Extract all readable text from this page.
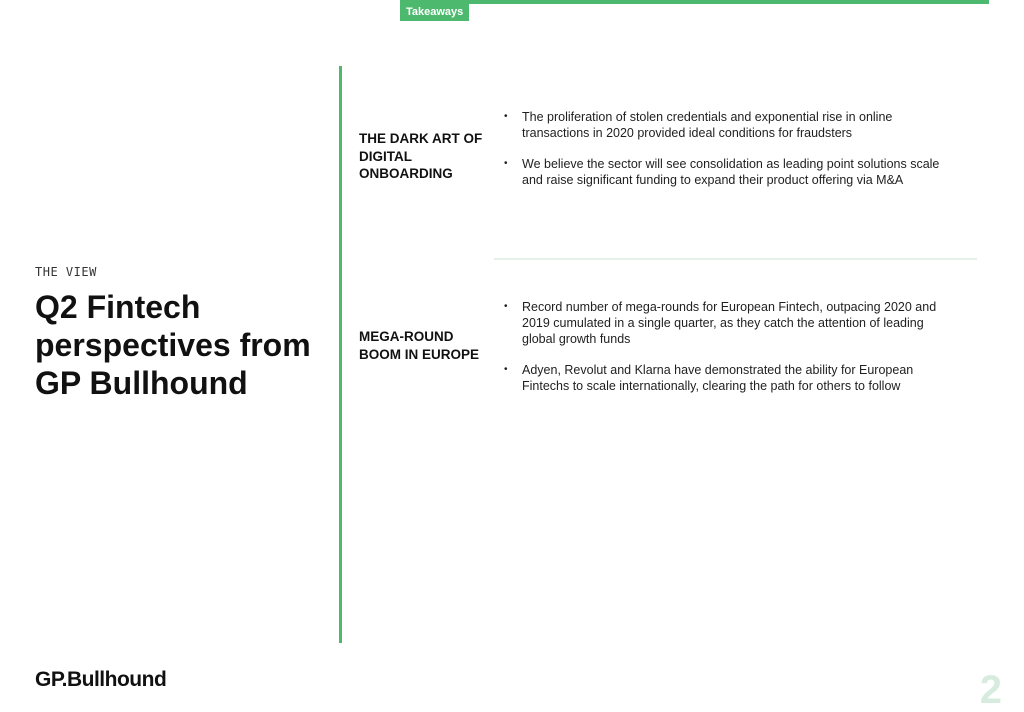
Takeaways
THE VIEW
Q2 Fintech perspectives from GP Bullhound
THE DARK ART OF DIGITAL ONBOARDING
• The proliferation of stolen credentials and exponential rise in online transactions in 2020 provided ideal conditions for fraudsters
• We believe the sector will see consolidation as leading point solutions scale and raise significant funding to expand their product offering via M&A
MEGA-ROUND BOOM IN EUROPE
• Record number of mega-rounds for European Fintech, outpacing 2020 and 2019 cumulated in a single quarter, as they catch the attention of leading global growth funds
• Adyen, Revolut and Klarna have demonstrated the ability for European Fintechs to scale internationally, clearing the path for others to follow
GP.Bullhound	2
